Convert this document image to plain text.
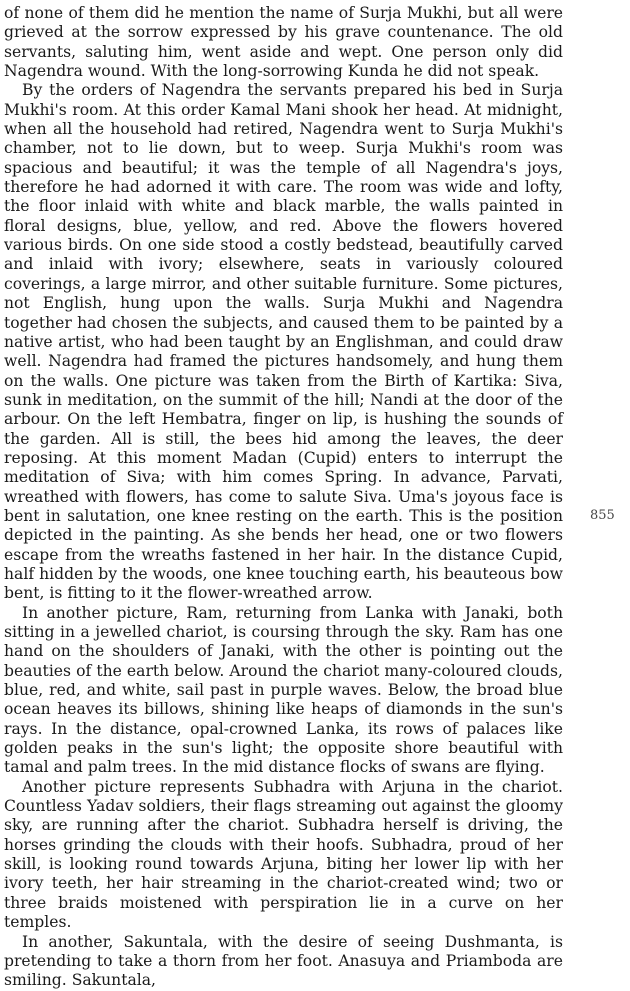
of none of them did he mention the name of Surja Mukhi, but all were grieved at the sorrow expressed by his grave countenance. The old servants, saluting him, went aside and wept. One person only did Nagendra wound. With the long-sorrowing Kunda he did not speak.

By the orders of Nagendra the servants prepared his bed in Surja Mukhi's room. At this order Kamal Mani shook her head. At midnight, when all the household had retired, Nagendra went to Surja Mukhi's chamber, not to lie down, but to weep. Surja Mukhi's room was spacious and beautiful; it was the temple of all Nagendra's joys, therefore he had adorned it with care. The room was wide and lofty, the floor inlaid with white and black marble, the walls painted in floral designs, blue, yellow, and red. Above the flowers hovered various birds. On one side stood a costly bedstead, beautifully carved and inlaid with ivory; elsewhere, seats in variously coloured coverings, a large mirror, and other suitable furniture. Some pictures, not English, hung upon the walls. Surja Mukhi and Nagendra together had chosen the subjects, and caused them to be painted by a native artist, who had been taught by an Englishman, and could draw well. Nagendra had framed the pictures handsomely, and hung them on the walls. One picture was taken from the Birth of Kartika: Siva, sunk in meditation, on the summit of the hill; Nandi at the door of the arbour. On the left Hembatra, finger on lip, is hushing the sounds of the garden. All is still, the bees hid among the leaves, the deer reposing. At this moment Madan (Cupid) enters to interrupt the meditation of Siva; with him comes Spring. In advance, Parvati, wreathed with flowers, has come to salute Siva. Uma's joyous face is bent in salutation, one knee resting on the earth. This is the position depicted in the painting. As she bends her head, one or two flowers escape from the wreaths fastened in her hair. In the distance Cupid, half hidden by the woods, one knee touching earth, his beauteous bow bent, is fitting to it the flower-wreathed arrow.

In another picture, Ram, returning from Lanka with Janaki, both sitting in a jewelled chariot, is coursing through the sky. Ram has one hand on the shoulders of Janaki, with the other is pointing out the beauties of the earth below. Around the chariot many-coloured clouds, blue, red, and white, sail past in purple waves. Below, the broad blue ocean heaves its billows, shining like heaps of diamonds in the sun's rays. In the distance, opal-crowned Lanka, its rows of palaces like golden peaks in the sun's light; the opposite shore beautiful with tamal and palm trees. In the mid distance flocks of swans are flying.

Another picture represents Subhadra with Arjuna in the chariot. Countless Yadav soldiers, their flags streaming out against the gloomy sky, are running after the chariot. Subhadra herself is driving, the horses grinding the clouds with their hoofs. Subhadra, proud of her skill, is looking round towards Arjuna, biting her lower lip with her ivory teeth, her hair streaming in the chariot-created wind; two or three braids moistened with perspiration lie in a curve on her temples.

In another, Sakuntala, with the desire of seeing Dushmanta, is pretending to take a thorn from her foot. Anasuya and Priamboda are smiling. Sakuntala,

855
